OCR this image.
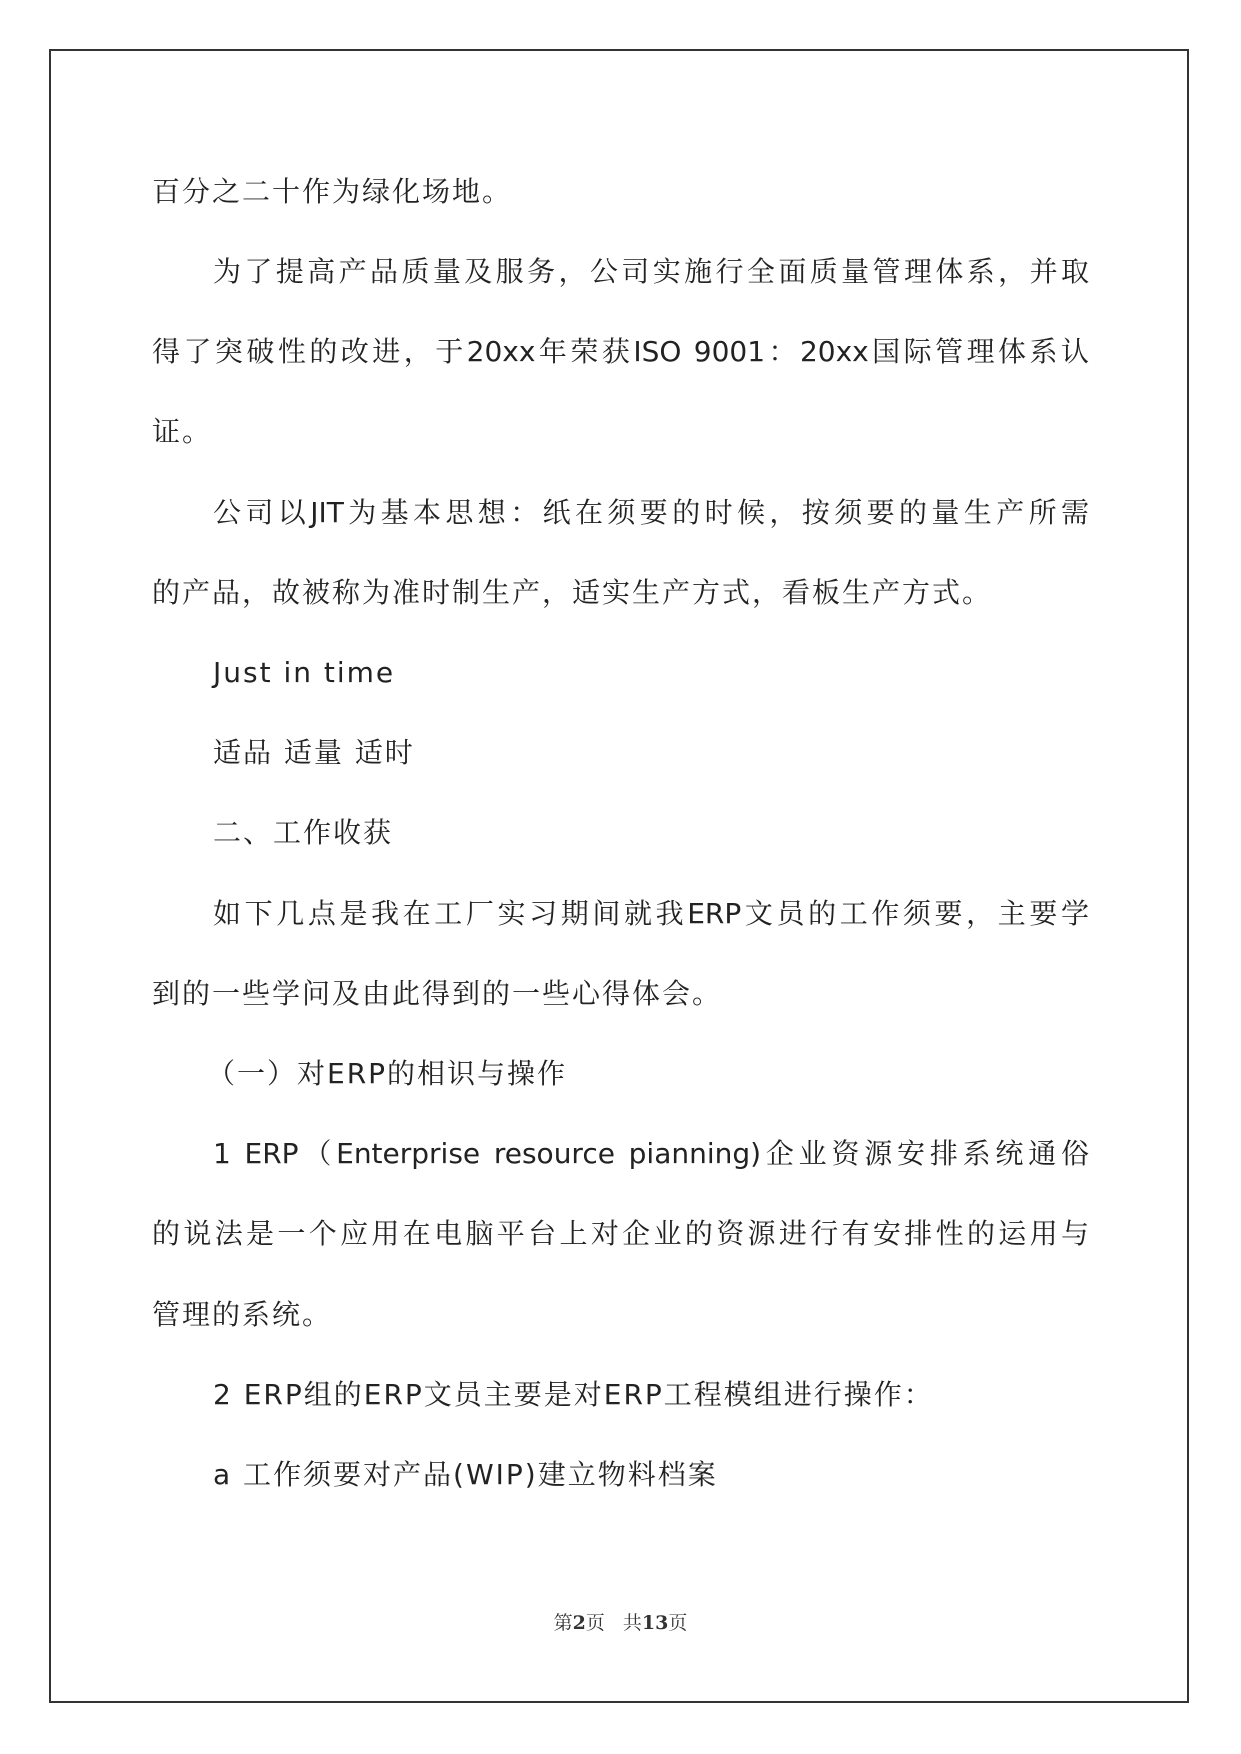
百分之二十作为绿化场地。
为了提高产品质量及服务，公司实施行全面质量管理体系，并取
得了突破性的改进，于20xx年荣获ISO 9001：20xx国际管理体系认
证。
公司以JIT为基本思想：纸在须要的时候，按须要的量生产所需
的产品，故被称为准时制生产，适实生产方式，看板生产方式。
Just in time
适品 适量 适时
二、工作收获
如下几点是我在工厂实习期间就我ERP文员的工作须要，主要学
到的一些学问及由此得到的一些心得体会。
（一）对ERP的相识与操作
1 ERP（Enterprise resource pianning)企业资源安排系统通俗
的说法是一个应用在电脑平台上对企业的资源进行有安排性的运用与
管理的系统。
2 ERP组的ERP文员主要是对ERP工程模组进行操作：
a 工作须要对产品(WIP)建立物料档案
第2页 共13页
